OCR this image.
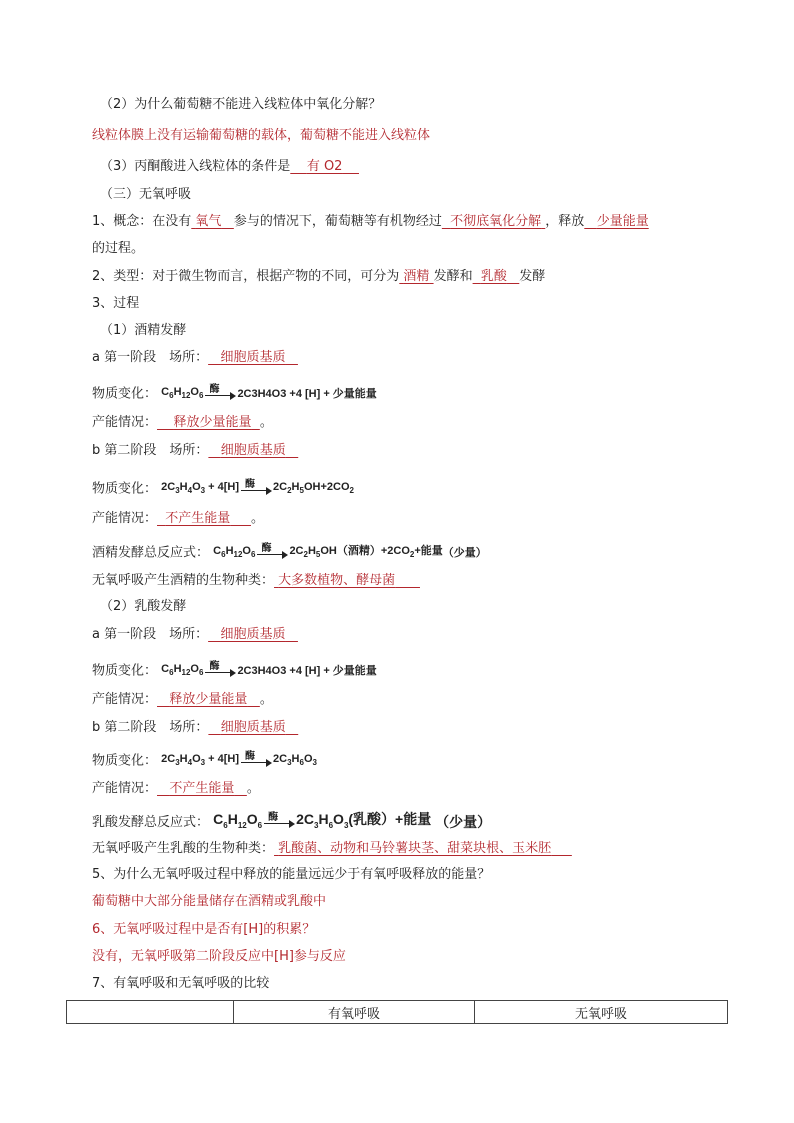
（2）为什么葡萄糖不能进入线粒体中氧化分解？
线粒体膜上没有运输葡萄糖的载体，葡萄糖不能进入线粒体
（3）丙酮酸进入线粒体的条件是 有 O2
（三）无氧呼吸
1、概念：在没有 氧气 参与的情况下，葡萄糖等有机物经过 不彻底氧化分解 ，释放 少量能量
的过程。
2、类型：对于微生物而言，根据产物的不同，可分为 酒精 发酵和 乳酸 发酵
3、过程
（1）酒精发酵
a 第一阶段　场所： 细胞质基质
物质变化： $C_6H_{12}O_6$
酶 2C3H4O3 +4 [H] + 少量能量
产能情况： 释放少量能量 。
b 第二阶段　场所： 细胞质基质
物质变化： $2C_3H_4O_3 + 4[H]$ 酶 $2C_2H_5OH+2CO_2$
产能情况： 不产生能量 。
酒精发酵总反应式： $C_6H_{12}O_6$
酶 $2C_2H_5OH$（酒精）$+2CO_2+$能量（少量）
无氧呼吸产生酒精的生物种类： 大多数植物、酵母菌
（2）乳酸发酵
a 第一阶段　场所： 细胞质基质
物质变化： $C_6H_{12}O_6$
酶 2C3H4O3 +4 [H] + 少量能量
产能情况： 释放少量能量 。
b 第二阶段　场所： 细胞质基质
物质变化： $2C_3H_4O_3 + 4[H]$ 酶 $2C_3H_6O_3$
产能情况： 不产生能量 。
乳酸发酵总反应式： $C_6H_{12}O_6$
酶 $2C_3H_6O_3$(乳酸）+能量 （少量）
无氧呼吸产生乳酸的生物种类： 乳酸菌、动物和马铃薯块茎、甜菜块根、玉米胚
5、为什么无氧呼吸过程中释放的能量远远少于有氧呼吸释放的能量？
葡萄糖中大部分能量储存在酒精或乳酸中
6、无氧呼吸过程中是否有[H]的积累？
没有，无氧呼吸第二阶段反应中[H]参与反应
7、有氧呼吸和无氧呼吸的比较
	有氧呼吸	无氧呼吸
